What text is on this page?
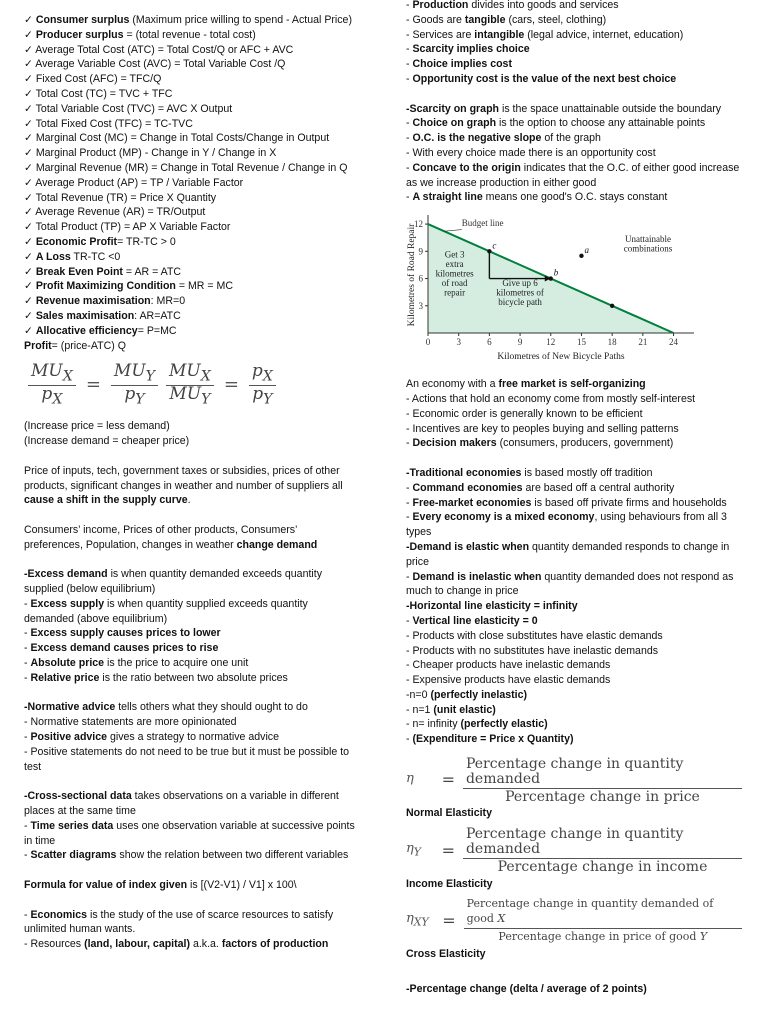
✓ Consumer surplus (Maximum price willing to spend - Actual Price)
✓ Producer surplus = (total revenue - total cost)
✓ Average Total Cost (ATC) = Total Cost/Q or AFC + AVC
✓ Average Variable Cost (AVC) = Total Variable Cost /Q
✓ Fixed Cost (AFC) = TFC/Q
✓ Total Cost (TC) = TVC + TFC
✓ Total Variable Cost (TVC) = AVC X Output
✓ Total Fixed Cost (TFC) = TC-TVC
✓ Marginal Cost (MC) = Change in Total Costs/Change in Output
✓ Marginal Product (MP) - Change in Y / Change in X
✓ Marginal Revenue (MR) = Change in Total Revenue / Change in Q
✓ Average Product (AP) = TP / Variable Factor
✓ Total Revenue (TR) = Price X Quantity
✓ Average Revenue (AR) = TR/Output
✓ Total Product (TP) = AP X Variable Factor
✓ Economic Profit= TR-TC > 0
✓ A Loss TR-TC <0
✓ Break Even Point = AR = ATC
✓ Profit Maximizing Condition = MR = MC
✓ Revenue maximisation: MR=0
✓ Sales maximisation: AR=ATC
✓ Allocative efficiency= P=MC
Profit= (price-ATC) Q
$\frac{MU_X}{p_X} = \frac{MU_Y}{p_Y} \frac{MU_X}{MU_Y} = \frac{p_X}{p_Y}$
(Increase price = less demand)
(Increase demand = cheaper price)
Price of inputs, tech, government taxes or subsidies, prices of other products, significant changes in weather and number of suppliers all cause a shift in the supply curve.
Consumers’ income, Prices of other products, Consumers’ preferences, Population, changes in weather change demand
-Excess demand is when quantity demanded exceeds quantity supplied (below equilibrium)
- Excess supply is when quantity supplied exceeds quantity demanded (above equilibrium)
- Excess supply causes prices to lower
- Excess demand causes prices to rise
- Absolute price is the price to acquire one unit
- Relative price is the ratio between two absolute prices
-Normative advice tells others what they should ought to do
- Normative statements are more opinionated
- Positive advice gives a strategy to normative advice
- Positive statements do not need to be true but it must be possible to test
-Cross-sectional data takes observations on a variable in different places at the same time
- Time series data uses one observation variable at successive points in time
- Scatter diagrams show the relation between two different variables
Formula for value of index given is [(V2-V1) / V1] x 100\
- Economics is the study of the use of scarce resources to satisfy unlimited human wants.
- Resources (land, labour, capital) a.k.a. factors of production
- Production divides into goods and services
- Goods are tangible (cars, steel, clothing)
- Services are intangible (legal advice, internet, education)
- Scarcity implies choice
- Choice implies cost
- Opportunity cost is the value of the next best choice
-Scarcity on graph is the space unattainable outside the boundary
- Choice on graph is the option to choose any attainable points
- O.C. is the negative slope of the graph
- With every choice made there is an opportunity cost
- Concave to the origin indicates that the O.C. of either good increase as we increase production in either good
- A straight line means one good's O.C. stays constant
0	3	6	9	12 15 18 21 24
3
6
9
12	Budget line
c
b
a
Unattainable combinations
Get 3 extra kilometres of road repair
Give up 6 kilometres of bicycle path
Kilometres of New Bicycle Paths
Kilometres of Road Repair
An economy with a free market is self-organizing
- Actions that hold an economy come from mostly self-interest
- Economic order is generally known to be efficient
- Incentives are key to peoples buying and selling patterns
- Decision makers (consumers, producers, government)
-Traditional economies is based mostly off tradition
- Command economies are based off a central authority
- Free-market economies is based off private firms and households
- Every economy is a mixed economy, using behaviours from all 3 types
-Demand is elastic when quantity demanded responds to change in price
- Demand is inelastic when quantity demanded does not respond as much to change in price
-Horizontal line elasticity = infinity
- Vertical line elasticity = 0
- Products with close substitutes have elastic demands
- Products with no substitutes have inelastic demands
- Cheaper products have inelastic demands
- Expensive products have elastic demands
-n=0 (perfectly inelastic)
- n=1 (unit elastic)
- n= infinity (perfectly elastic)
- (Expenditure = Price x Quantity)
η	= $\frac{\text{Percentage change in quantity demanded}}{\text{Percentage change in price}}$
Normal Elasticity
$\eta_Y$	= $\frac{\text{Percentage change in quantity demanded}}{\text{Percentage change in income}}$
Income Elasticity
$\eta_{XY} = \frac{\text{Percentage change in quantity demanded of good X}}{\text{Percentage change in price of good Y}}$
Cross Elasticity
-Percentage change (delta / average of 2 points)
